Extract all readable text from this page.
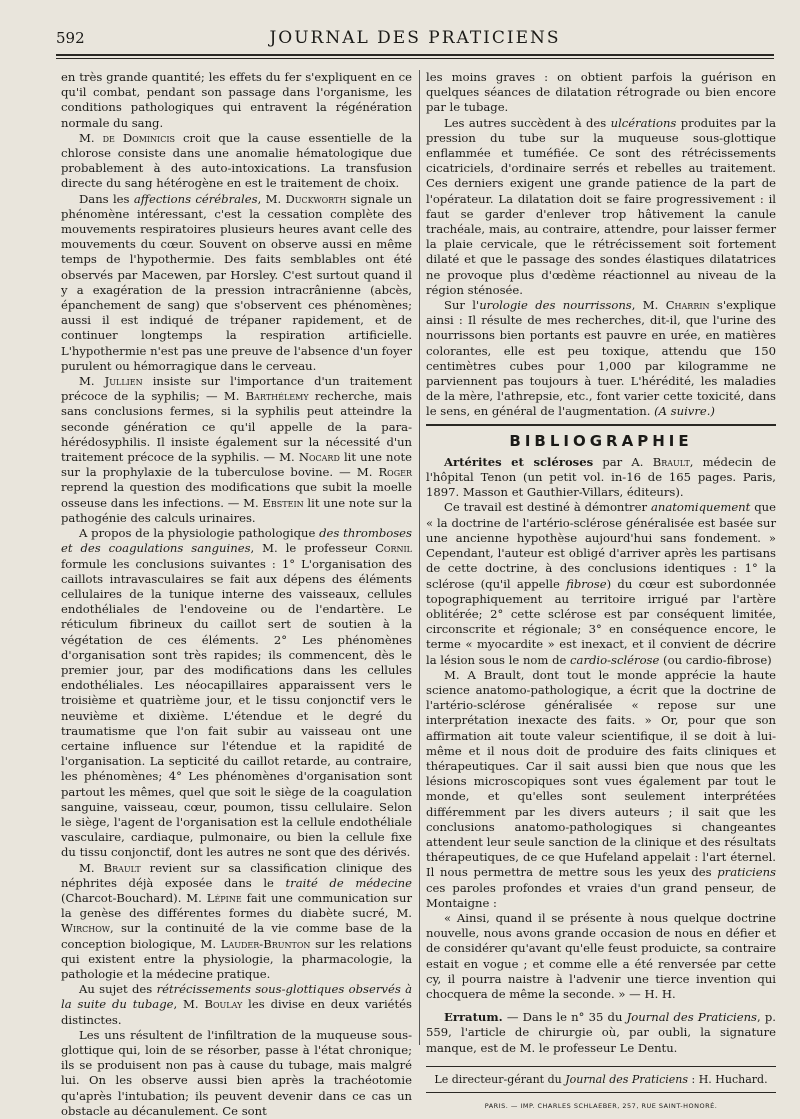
592	JOURNAL DES PRATICIENS

en très grande quantité; les effets du fer s'expliquent en ce qu'il combat, pendant son passage dans l'organisme, les conditions pathologiques qui entravent la régénération normale du sang.

M. de Dominicis croit que la cause essentielle de la chlorose consiste dans une anomalie hématologique due probablement à des auto-intoxications. La transfusion directe du sang hétérogène en est le traitement de choix.

Dans les affections cérébrales, M. Duckworth signale un phénomène intéressant, c'est la cessation complète des mouvements respiratoires plusieurs heures avant celle des mouvements du cœur. Souvent on observe aussi en même temps de l'hypothermie. Des faits semblables ont été observés par Macewen, par Horsley. C'est surtout quand il y a exagération de la pression intracrânienne (abcès, épanchement de sang) que s'observent ces phénomènes; aussi il est indiqué de trépaner rapidement, et de continuer longtemps la respiration artificielle. L'hypothermie n'est pas une preuve de l'absence d'un foyer purulent ou hémorragique dans le cerveau.

M. Jullien insiste sur l'importance d'un traitement précoce de la syphilis; — M. Barthélemy recherche, mais sans conclusions fermes, si la syphilis peut atteindre la seconde génération ce qu'il appelle de la para-hérédosyphilis. Il insiste également sur la nécessité d'un traitement précoce de la syphilis. — M. Nocard lit une note sur la prophylaxie de la tuberculose bovine. — M. Roger reprend la question des modifications que subit la moelle osseuse dans les infections. — M. Ebstein lit une note sur la pathogénie des calculs urinaires.

A propos de la physiologie pathologique des thromboses et des coagulations sanguines, M. le professeur Cornil formule les conclusions suivantes : 1° L'organisation des caillots intravasculaires se fait aux dépens des éléments cellulaires de la tunique interne des vaisseaux, cellules endothéliales de l'endoveine ou de l'endartère. Le réticulum fibrineux du caillot sert de soutien à la végétation de ces éléments. 2° Les phénomènes d'organisation sont très rapides; ils commencent, dès le premier jour, par des modifications dans les cellules endothéliales. Les néocapillaires apparaissent vers le troisième et quatrième jour, et le tissu conjonctif vers le neuvième et dixième. L'étendue et le degré du traumatisme que l'on fait subir au vaisseau ont une certaine influence sur l'étendue et la rapidité de l'organisation. La septicité du caillot retarde, au contraire, les phénomènes; 4° Les phénomènes d'organisation sont partout les mêmes, quel que soit le siège de la coagulation sanguine, vaisseau, cœur, poumon, tissu cellulaire. Selon le siège, l'agent de l'organisation est la cellule endothéliale vasculaire, cardiaque, pulmonaire, ou bien la cellule fixe du tissu conjonctif, dont les autres ne sont que des dérivés.

M. Brault revient sur sa classification clinique des néphrites déjà exposée dans le traité de médecine (Charcot-Bouchard). M. Lépine fait une communication sur la genèse des différentes formes du diabète sucré, M. Wirchow, sur la continuité de la vie comme base de la conception biologique, M. Lauder-Brunton sur les relations qui existent entre la physiologie, la pharmacologie, la pathologie et la médecine pratique.

Au sujet des rétrécissements sous-glottiques observés à la suite du tubage, M. Boulay les divise en deux variétés distinctes.

Les uns résultent de l'infiltration de la muqueuse sous-glottique qui, loin de se résorber, passe à l'état chronique; ils se produisent non pas à cause du tubage, mais malgré lui. On les observe aussi bien après la trachéotomie qu'après l'intubation; ils peuvent devenir dans ce cas un obstacle au décanulement. Ce sont

les moins graves : on obtient parfois la guérison en quelques séances de dilatation rétrograde ou bien encore par le tubage.

Les autres succèdent à des ulcérations produites par la pression du tube sur la muqueuse sous-glottique enflammée et tuméfiée. Ce sont des rétrécissements cicatriciels, d'ordinaire serrés et rebelles au traitement. Ces derniers exigent une grande patience de la part de l'opérateur. La dilatation doit se faire progressivement : il faut se garder d'enlever trop hâtivement la canule trachéale, mais, au contraire, attendre, pour laisser fermer la plaie cervicale, que le rétrécissement soit fortement dilaté et que le passage des sondes élastiques dilatatrices ne provoque plus d'œdème réactionnel au niveau de la région sténosée.

Sur l'urologie des nourrissons, M. Charrin s'explique ainsi : Il résulte de mes recherches, dit-il, que l'urine des nourrissons bien portants est pauvre en urée, en matières colorantes, elle est peu toxique, attendu que 150 centimètres cubes pour 1,000 par kilogramme ne parviennent pas toujours à tuer. L'hérédité, les maladies de la mère, l'athrepsie, etc., font varier cette toxicité, dans le sens, en général de l'augmentation. (A suivre.)

BIBLIOGRAPHIE

Artérites et scléroses par A. Brault, médecin de l'hôpital Tenon (un petit vol. in-16 de 165 pages. Paris, 1897. Masson et Gauthier-Villars, éditeurs).

Ce travail est destiné à démontrer anatomiquement que « la doctrine de l'artério-sclérose généralisée est basée sur une ancienne hypothèse aujourd'hui sans fondement. » Cependant, l'auteur est obligé d'arriver après les partisans de cette doctrine, à des conclusions identiques : 1° la sclérose (qu'il appelle fibrose) du cœur est subordonnée topographiquement au territoire irrigué par l'artère oblitérée; 2° cette sclérose est par conséquent limitée, circonscrite et régionale; 3° en conséquence encore, le terme « myocardite » est inexact, et il convient de décrire la lésion sous le nom de cardio-sclérose (ou cardio-fibrose)

M. A Brault, dont tout le monde apprécie la haute science anatomo-pathologique, a écrit que la doctrine de l'artério-sclérose généralisée « repose sur une interprétation inexacte des faits. » Or, pour que son affirmation ait toute valeur scientifique, il se doit à lui-même et il nous doit de produire des faits cliniques et thérapeutiques. Car il sait aussi bien que nous que les lésions microscopiques sont vues également par tout le monde, et qu'elles sont seulement interprétées différemment par les divers auteurs ; il sait que les conclusions anatomo-pathologiques si changeantes attendent leur seule sanction de la clinique et des résultats thérapeutiques, de ce que Hufeland appelait : l'art éternel. Il nous permettra de mettre sous les yeux des praticiens ces paroles profondes et vraies d'un grand penseur, de Montaigne :

« Ainsi, quand il se présente à nous quelque doctrine nouvelle, nous avons grande occasion de nous en défier et de considérer qu'avant qu'elle feust produicte, sa contraire estait en vogue ; et comme elle a été renversée par cette cy, il pourra naistre à l'advenir une tierce invention qui chocquera de même la seconde. » — H. H.

Erratum. — Dans le n° 35 du Journal des Praticiens, p. 559, l'article de chirurgie où, par oubli, la signature manque, est de M. le professeur Le Dentu.

Le directeur-gérant du Journal des Praticiens : H. Huchard.
PARIS. — IMP. CHARLES SCHLAEBER, 257, RUE SAINT-HONORÉ.
